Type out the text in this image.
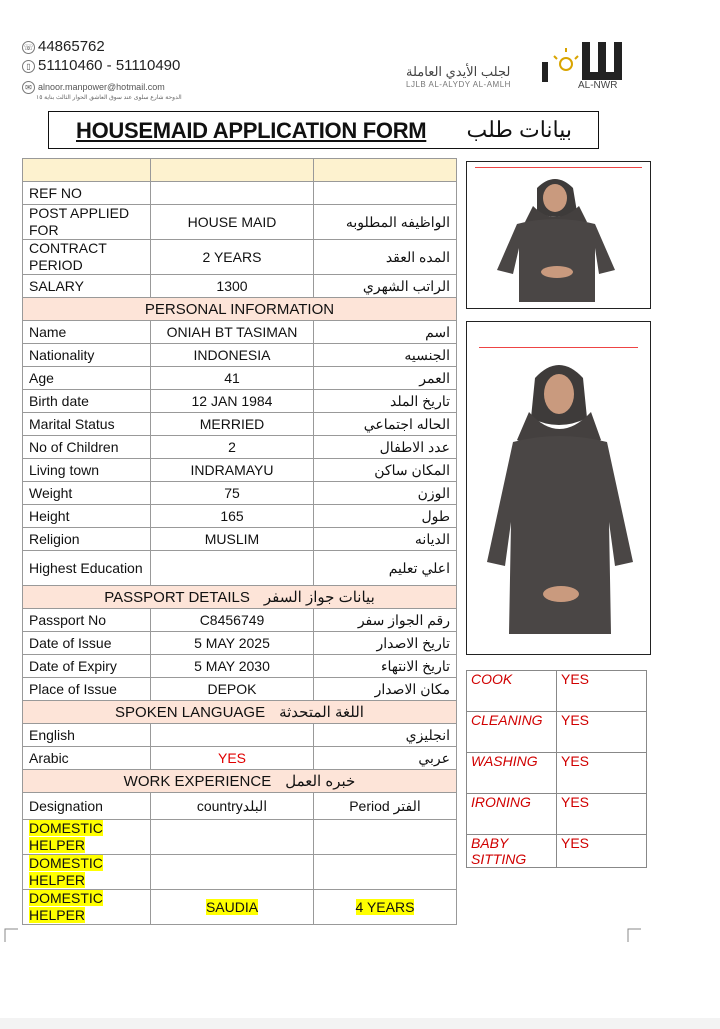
☏ 44865762
▯ 51110460 - 51110490
✉ alnoor.manpower@hotmail.com
الدوحة شارع سلوى عند سوق العاشق الحوار الثالث بناية ١٥
لجلب الأيدي العاملة
LJLB AL-ALYDY AL-AMLH	AL-NWR
HOUSEMAID APPLICATION FORM بيانات طلب

REF NO		
POST APPLIED FOR	HOUSE MAID	الواظيفه المطلوبه
CONTRACT PERIOD	2 YEARS	المده العقد
SALARY	1300	الراتب الشهري
PERSONAL INFORMATION		
Name	ONIAH BT TASIMAN	اسم
Nationality	INDONESIA	الجنسيه
Age	41	العمر
Birth date	12 JAN 1984	تاريخ الملد
Marital Status	MERRIED	الحاله اجتماعي
No of Children	2	عدد الاطفال
Living town	INDRAMAYU	المكان ساكن
Weight	75	الوزن
Height	165	طول
Religion	MUSLIM	الديانه
Highest Education		اعلي تعليم
PASSPORT DETAILS بيانات جواز السفر		
Passport No	C8456749	رقم الجواز سفر
Date of Issue	5 MAY 2025	تاريخ الاصدار
Date of Expiry	5 MAY 2030	تاريخ الانتهاء
Place of Issue	DEPOK	مكان الاصدار
SPOKEN LANGUAGE اللغة المتحدثة		
English		انجليزي
Arabic	YES	عربي
WORK EXPERIENCE خبره العمل		
Designation	countryالبلد	Period الفتر
DOMESTIC HELPER		
DOMESTIC HELPER		
DOMESTIC HELPER	SAUDIA	4 YEARS
COOK	YES
CLEANING	YES
WASHING	YES
IRONING	YES
BABY SITTING	YES
